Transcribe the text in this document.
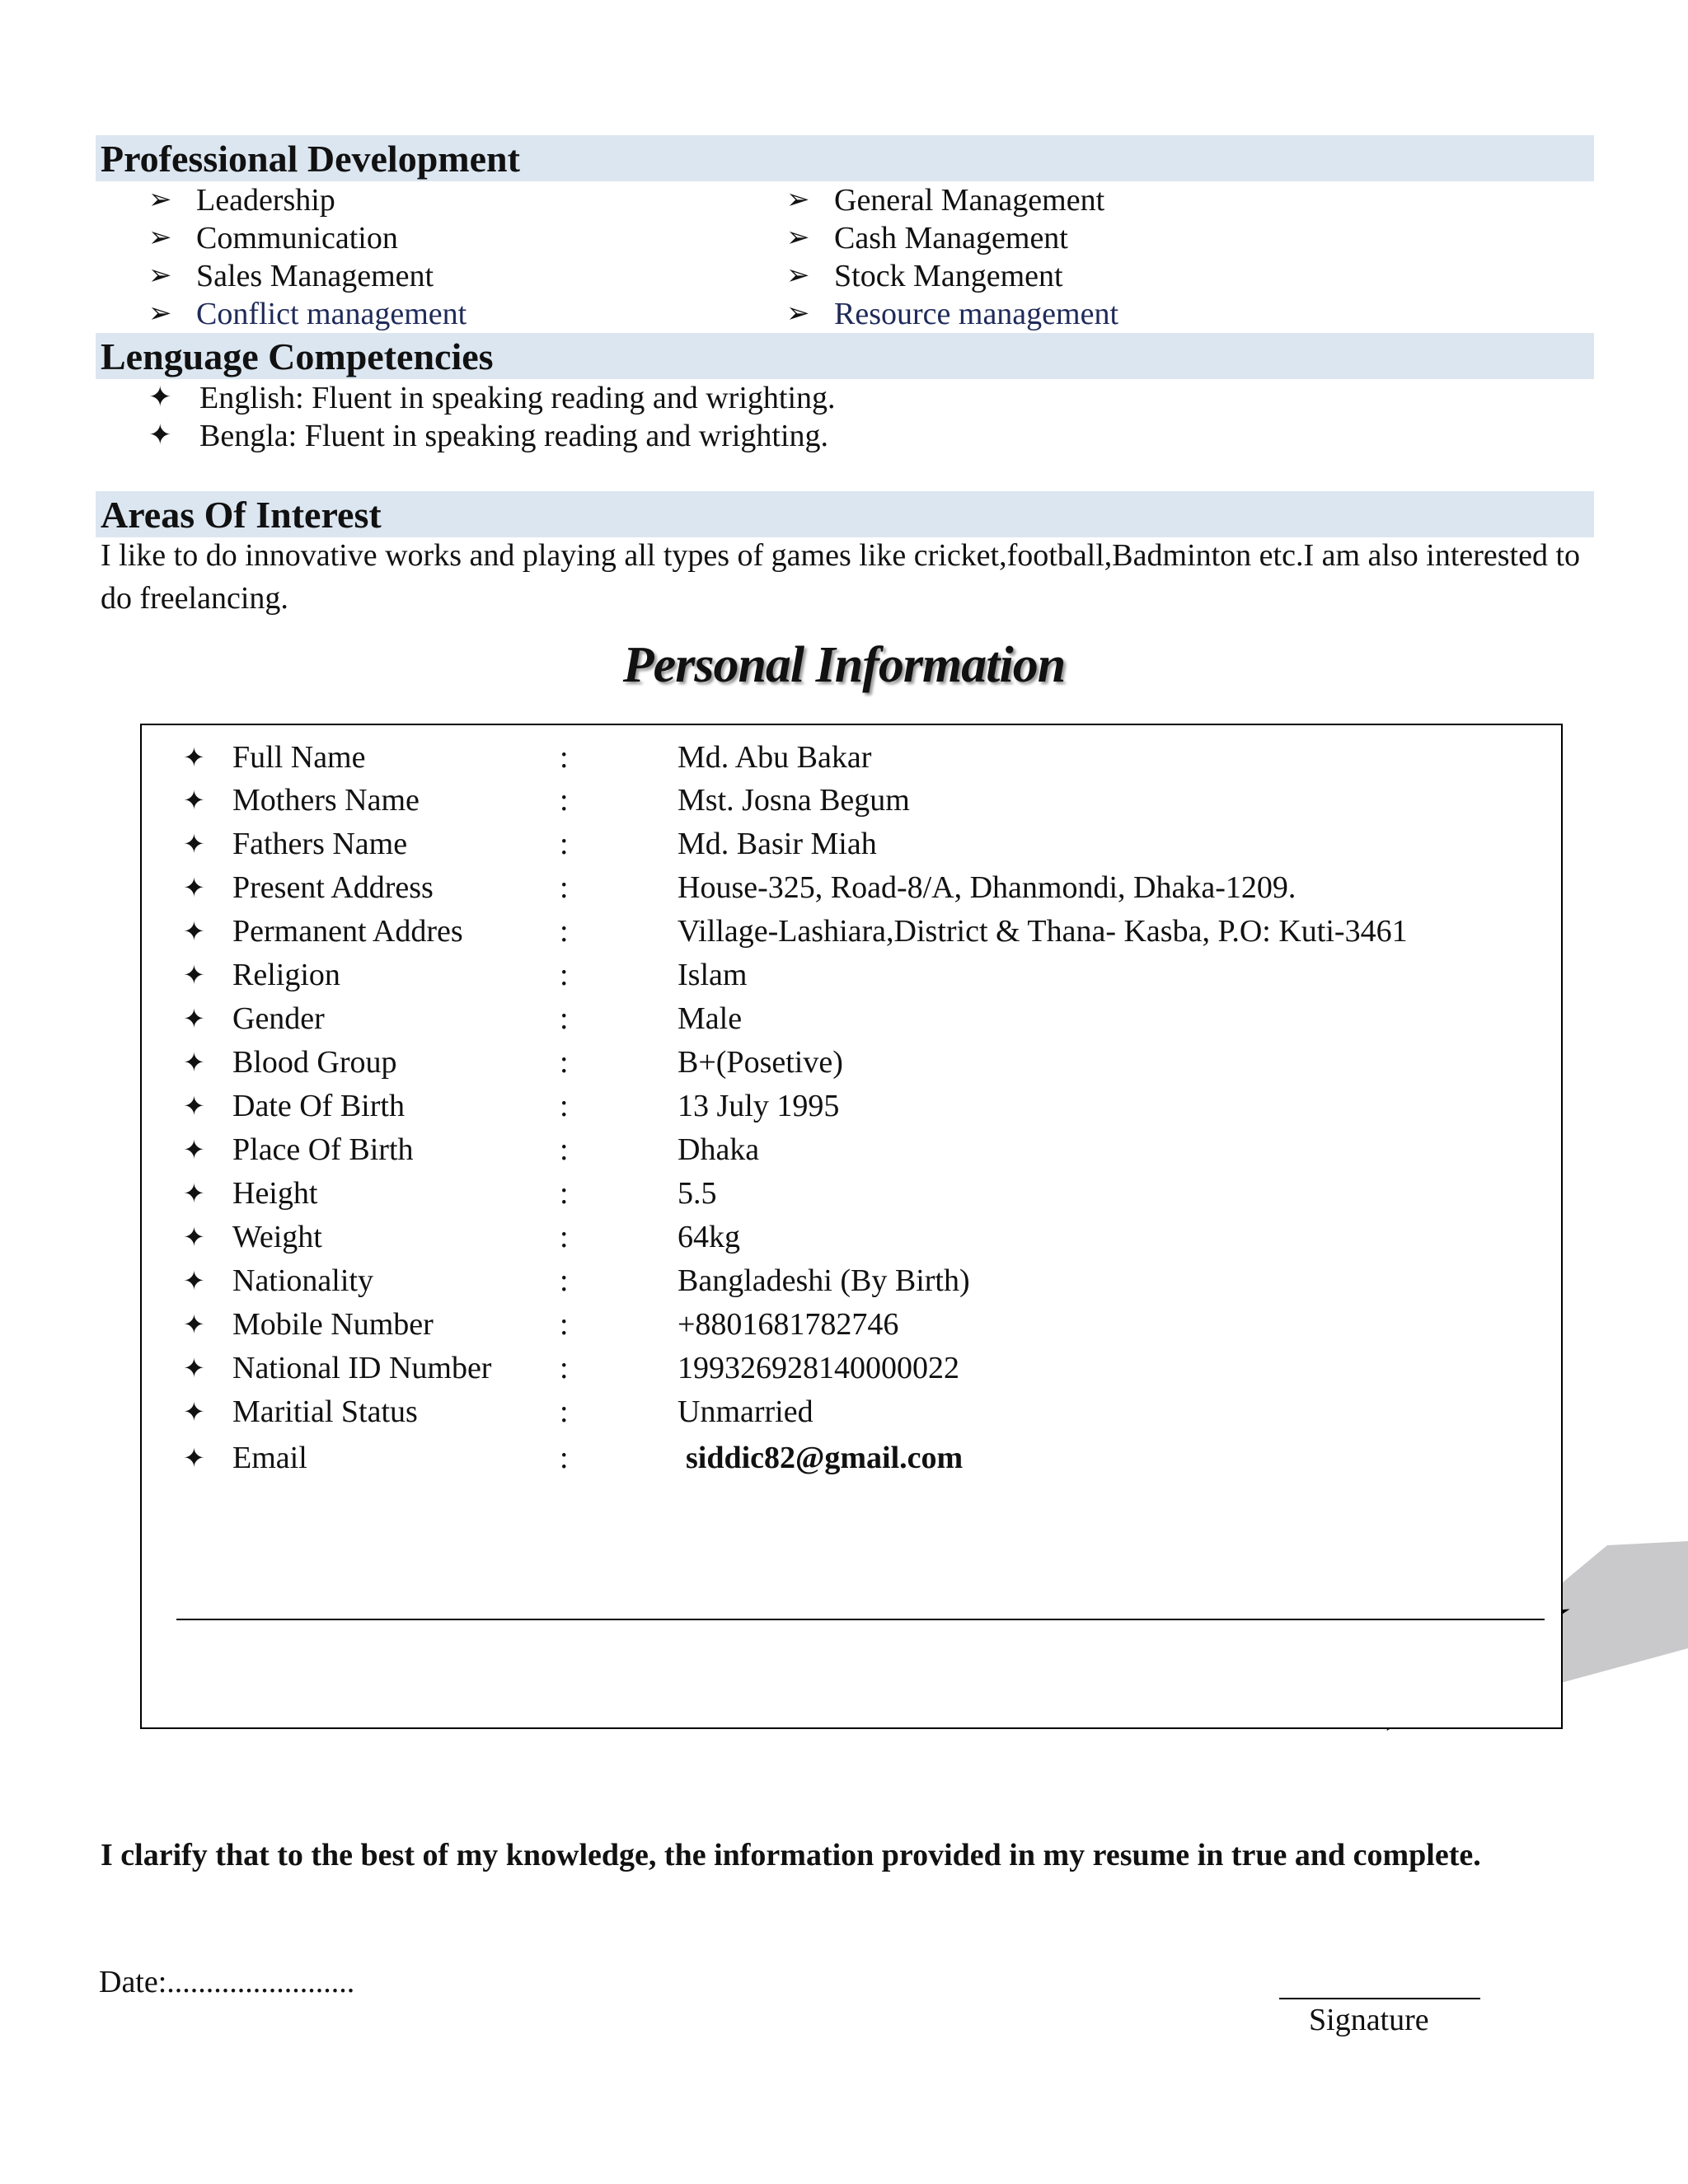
Professional Development
➢ Leadership
➢ Communication
➢ Sales Management
➢ Conflict management
➢ General Management
➢ Cash Management
➢ Stock Mangement
➢ Resource management
Lenguage Competencies
✦ English: Fluent in speaking reading and wrighting.
✦ Bengla: Fluent in speaking reading and wrighting.
Areas Of Interest

I like to do innovative works and playing all types of games like cricket,football,Badminton etc.I am also interested to do freelancing.

Personal Information
✦ Full Name	:	Md. Abu Bakar
✦ Mothers Name	:	Mst. Josna Begum
✦ Fathers Name	:	Md. Basir Miah
✦ Present Address	:	House-325, Road-8/A, Dhanmondi, Dhaka-1209.
✦ Permanent Addres	:	Village-Lashiara,District & Thana- Kasba, P.O: Kuti-3461
✦ Religion	:	Islam
✦ Gender	:	Male
✦ Blood Group	:	B+(Posetive)
✦ Date Of Birth	:	13 July 1995
✦ Place Of Birth	:	Dhaka
✦ Height	:	5.5
✦ Weight	:	64kg
✦ Nationality	:	Bangladeshi (By Birth)
✦ Mobile Number	:	+8801681782746
✦ National ID Number :	199326928140000022
✦ Maritial Status	:	Unmarried
✦ Email	:	siddic82@gmail.com

I clarify that to the best of my knowledge, the information provided in my resume in true and complete.

Date:........................

Signature
